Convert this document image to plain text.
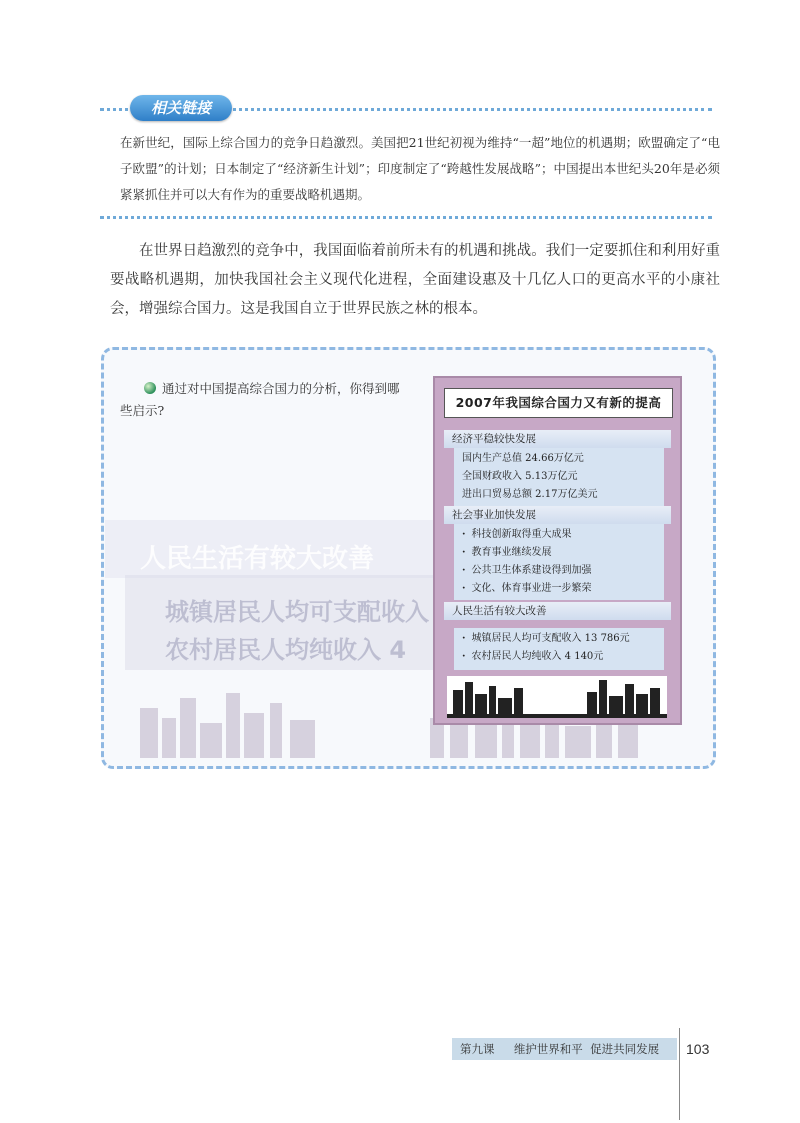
相关链接
在新世纪，国际上综合国力的竞争日趋激烈。美国把21世纪初视为维持“一超”地位的机遇期；欧盟确定了“电子欧盟”的计划；日本制定了“经济新生计划”；印度制定了“跨越性发展战略”；中国提出本世纪头20年是必须紧紧抓住并可以大有作为的重要战略机遇期。
在世界日趋激烈的竞争中，我国面临着前所未有的机遇和挑战。我们一定要抓住和利用好重要战略机遇期，加快我国社会主义现代化进程，全面建设惠及十几亿人口的更高水平的小康社会，增强综合国力。这是我国自立于世界民族之林的根本。
人民生活有较大改善
城镇居民人均可支配收入
农村居民人均纯收入 4
通过对中国提高综合国力的分析，你得到哪些启示?
2007年我国综合国力又有新的提高
经济平稳较快发展
国内生产总值 24.66万亿元
全国财政收入 5.13万亿元
进出口贸易总额 2.17万亿美元
社会事业加快发展
· 科技创新取得重大成果
· 教育事业继续发展
· 公共卫生体系建设得到加强
· 文化、体育事业进一步繁荣
人民生活有较大改善
· 城镇居民人均可支配收入 13 786元
· 农村居民人均纯收入 4 140元
第九课 维护世界和平  促进共同发展	103
